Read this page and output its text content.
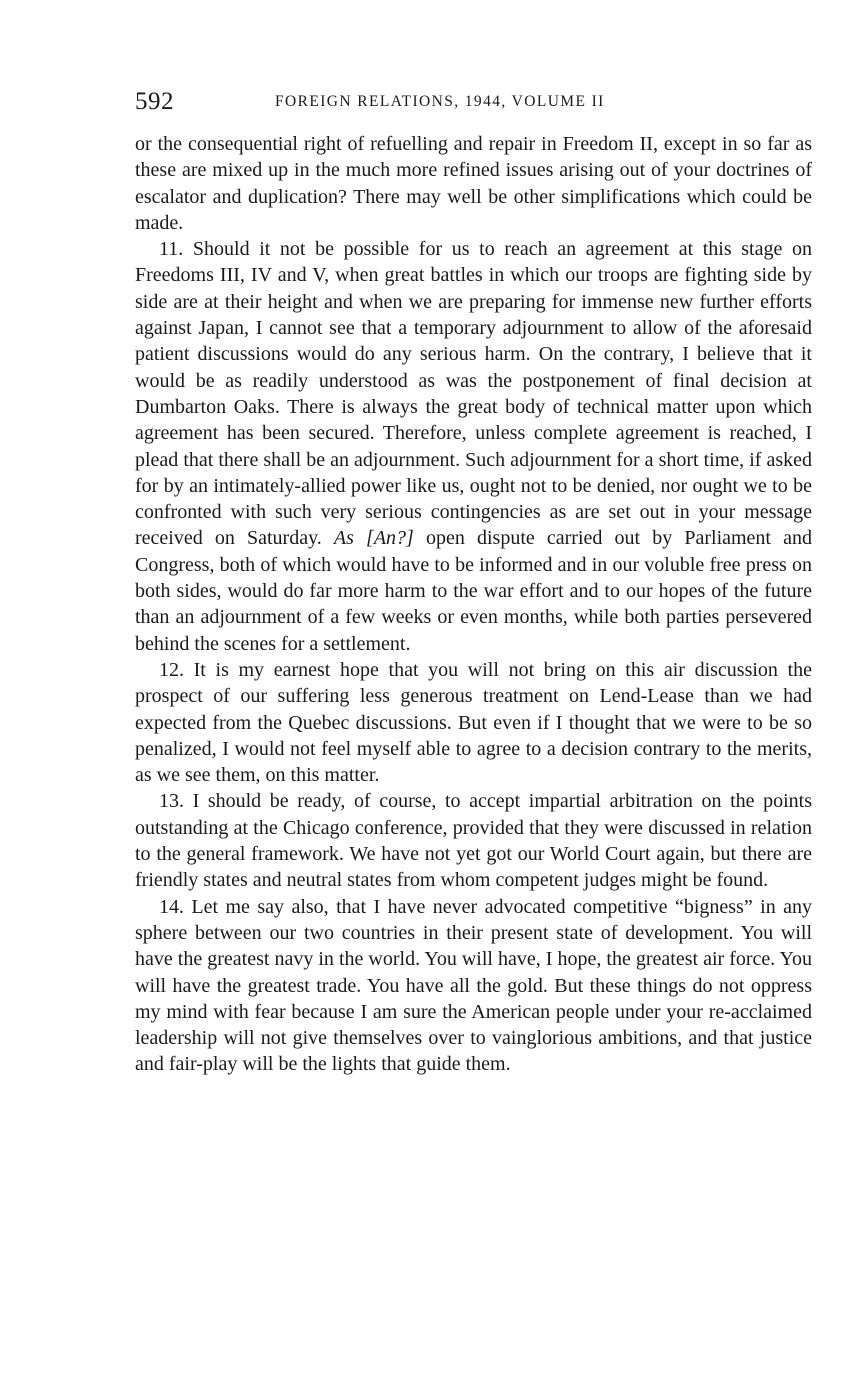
592	FOREIGN RELATIONS, 1944, VOLUME II

or the consequential right of refuelling and repair in Freedom II, except in so far as these are mixed up in the much more refined issues arising out of your doctrines of escalator and duplication? There may well be other simplifications which could be made.

11. Should it not be possible for us to reach an agreement at this stage on Freedoms III, IV and V, when great battles in which our troops are fighting side by side are at their height and when we are preparing for immense new further efforts against Japan, I cannot see that a temporary adjournment to allow of the aforesaid patient discussions would do any serious harm. On the contrary, I believe that it would be as readily understood as was the postponement of final decision at Dumbarton Oaks. There is always the great body of technical matter upon which agreement has been secured. Therefore, unless complete agreement is reached, I plead that there shall be an adjournment. Such adjournment for a short time, if asked for by an intimately-allied power like us, ought not to be denied, nor ought we to be confronted with such very serious contingencies as are set out in your message received on Saturday. As [An?] open dispute carried out by Parliament and Congress, both of which would have to be informed and in our voluble free press on both sides, would do far more harm to the war effort and to our hopes of the future than an adjournment of a few weeks or even months, while both parties persevered behind the scenes for a settlement.

12. It is my earnest hope that you will not bring on this air discussion the prospect of our suffering less generous treatment on Lend-Lease than we had expected from the Quebec discussions. But even if I thought that we were to be so penalized, I would not feel myself able to agree to a decision contrary to the merits, as we see them, on this matter.

13. I should be ready, of course, to accept impartial arbitration on the points outstanding at the Chicago conference, provided that they were discussed in relation to the general framework. We have not yet got our World Court again, but there are friendly states and neutral states from whom competent judges might be found.

14. Let me say also, that I have never advocated competitive “bigness” in any sphere between our two countries in their present state of development. You will have the greatest navy in the world. You will have, I hope, the greatest air force. You will have the greatest trade. You have all the gold. But these things do not oppress my mind with fear because I am sure the American people under your re-acclaimed leadership will not give themselves over to vainglorious ambitions, and that justice and fair-play will be the lights that guide them.
